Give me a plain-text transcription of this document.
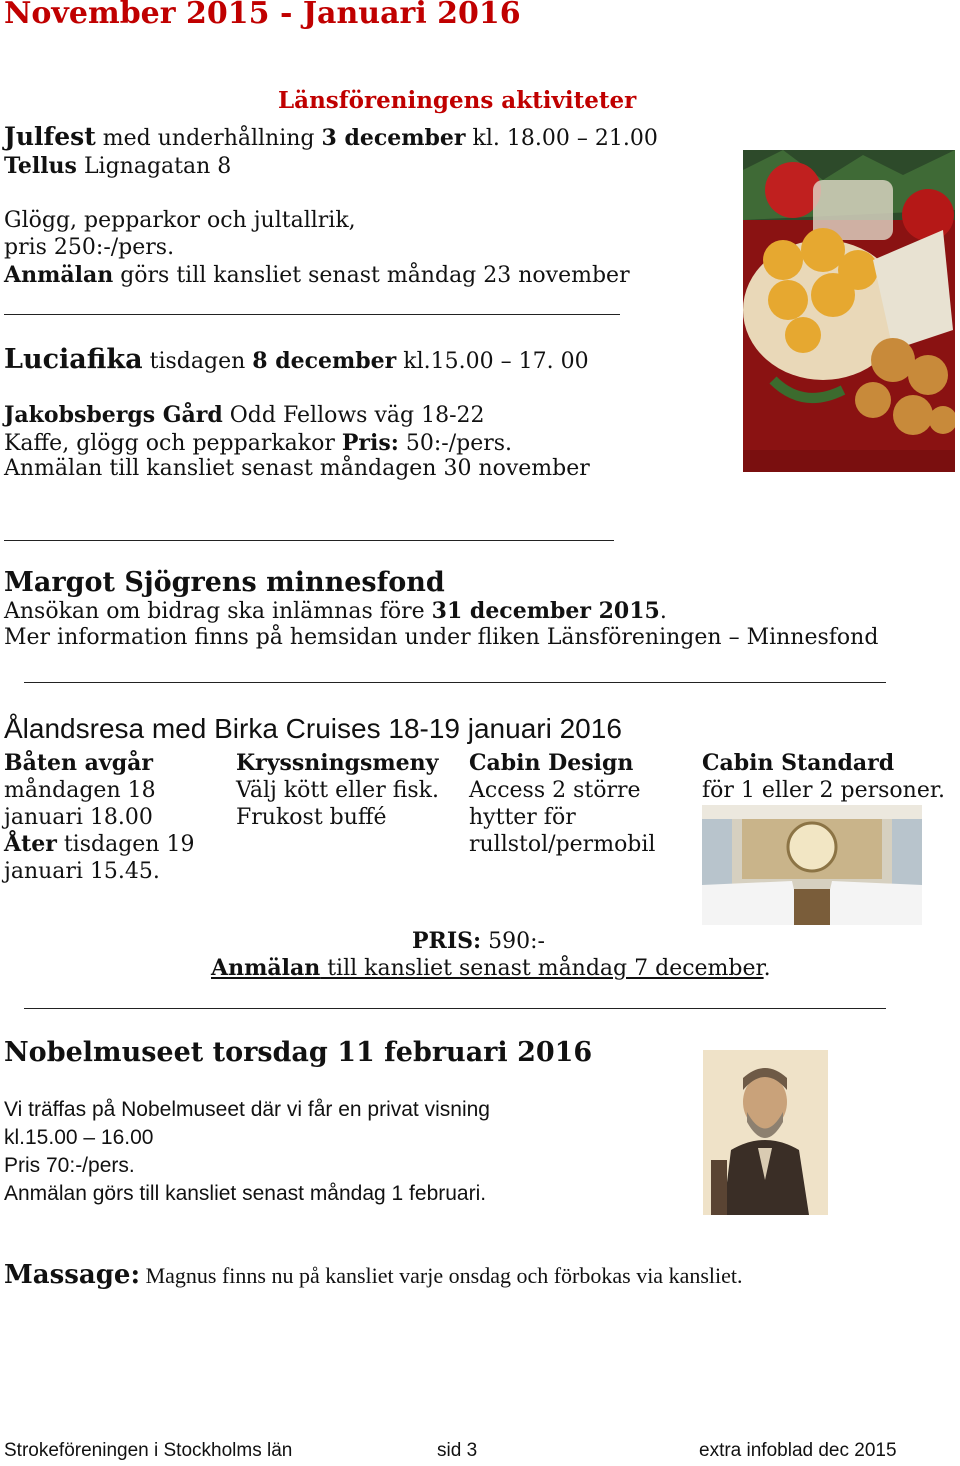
November 2015 - Januari 2016
Länsföreningens aktiviteter
Julfest med underhållning 3 december kl. 18.00 – 21.00
Tellus Lignagatan 8
Glögg, pepparkor och jultallrik,
pris 250:-/pers.
Anmälan görs till kansliet senast måndag 23 november
Luciafika tisdagen 8 december kl.15.00 – 17. 00
Jakobsbergs Gård Odd Fellows väg 18-22
Kaffe, glögg och pepparkakor Pris: 50:-/pers.
Anmälan till kansliet senast måndagen 30 november
Margot Sjögrens minnesfond
Ansökan om bidrag ska inlämnas före 31 december 2015.
Mer information finns på hemsidan under fliken Länsföreningen – Minnesfond
Ålandsresa med Birka Cruises 18-19 januari 2016
Båten avgår
måndagen 18
januari 18.00
Åter tisdagen 19
januari 15.45.
Kryssningsmeny
Välj kött eller fisk.
Frukost buffé
Cabin Design
Access 2 större
hytter för
rullstol/permobil
Cabin Standard
för 1 eller 2 personer.
PRIS: 590:-
Anmälan till kansliet senast måndag 7 december.
Nobelmuseet torsdag 11 februari 2016
Vi träffas på Nobelmuseet där vi får en privat visning
kl.15.00 – 16.00
Pris 70:-/pers.
Anmälan görs till kansliet senast måndag 1 februari.
Massage: Magnus finns nu på kansliet varje onsdag och förbokas via kansliet.
Strokeföreningen i Stockholms län	sid 3	extra infoblad dec 2015
